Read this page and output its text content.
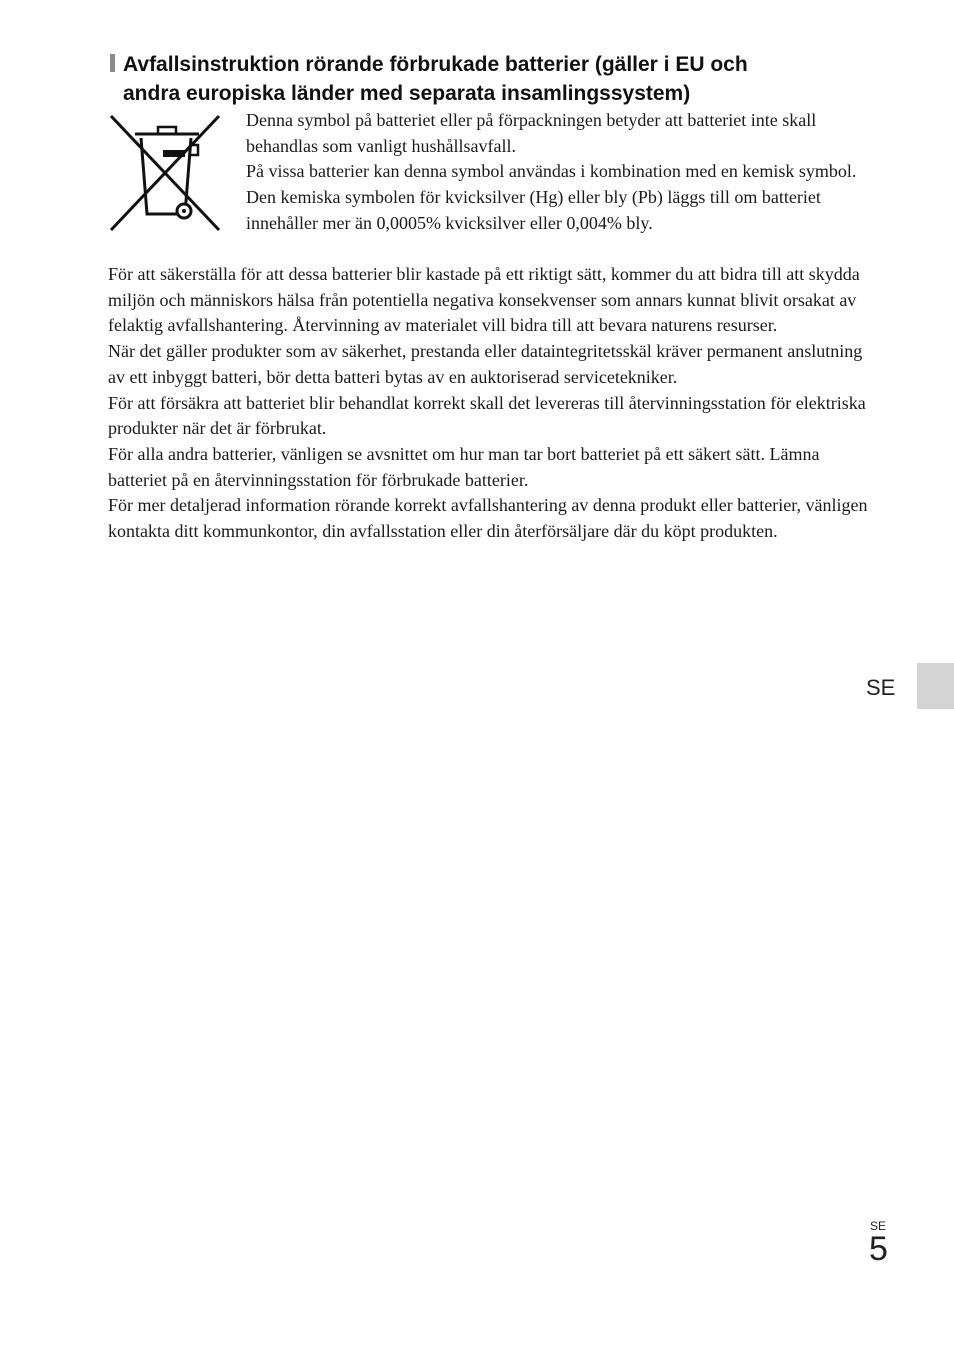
Avfallsinstruktion rörande förbrukade batterier (gäller i EU och
andra europiska länder med separata insamlingssystem)

Denna symbol på batteriet eller på förpackningen betyder att batteriet inte skall behandlas som vanligt hushållsavfall.

På vissa batterier kan denna symbol användas i kombination med en kemisk symbol. Den kemiska symbolen för kvicksilver (Hg) eller bly (Pb) läggs till om batteriet innehåller mer än 0,0005% kvicksilver eller 0,004% bly.

För att säkerställa för att dessa batterier blir kastade på ett riktigt sätt, kommer du att bidra till att skydda miljön och människors hälsa från potentiella negativa konsekvenser som annars kunnat blivit orsakat av felaktig avfallshantering. Återvinning av materialet vill bidra till att bevara naturens resurser.

När det gäller produkter som av säkerhet, prestanda eller dataintegritetsskäl kräver permanent anslutning av ett inbyggt batteri, bör detta batteri bytas av en auktoriserad servicetekniker.

För att försäkra att batteriet blir behandlat korrekt skall det levereras till återvinningsstation för elektriska produkter när det är förbrukat.

För alla andra batterier, vänligen se avsnittet om hur man tar bort batteriet på ett säkert sätt. Lämna batteriet på en återvinningsstation för förbrukade batterier.

För mer detaljerad information rörande korrekt avfallshantering av denna produkt eller batterier, vänligen kontakta ditt kommunkontor, din avfallsstation eller din återförsäljare där du köpt produkten.

SE
SE
5
